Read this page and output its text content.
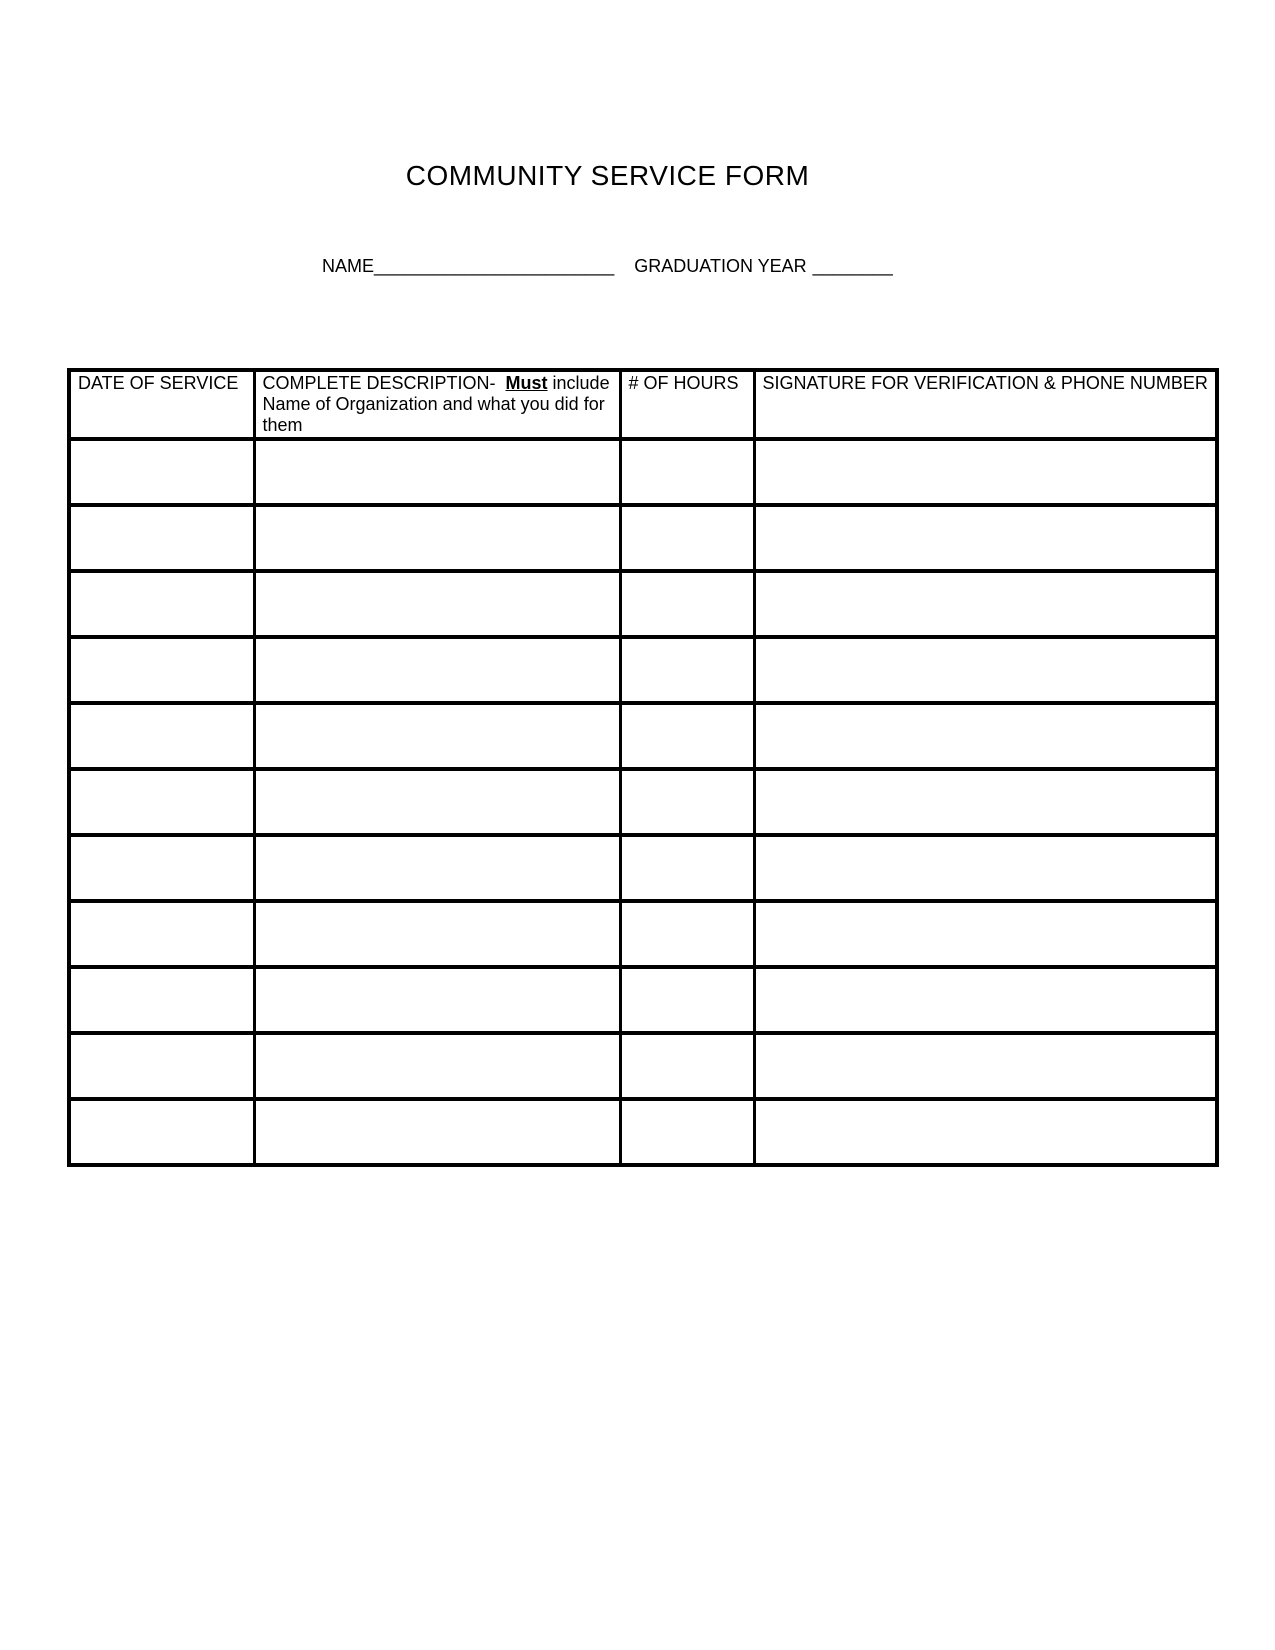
COMMUNITY SERVICE FORM
NAME________________________ GRADUATION YEAR ________
DATE OF SERVICE	COMPLETE DESCRIPTION-  Must include Name of Organization and what you did for them	# OF HOURS	SIGNATURE FOR VERIFICATION & PHONE NUMBER
